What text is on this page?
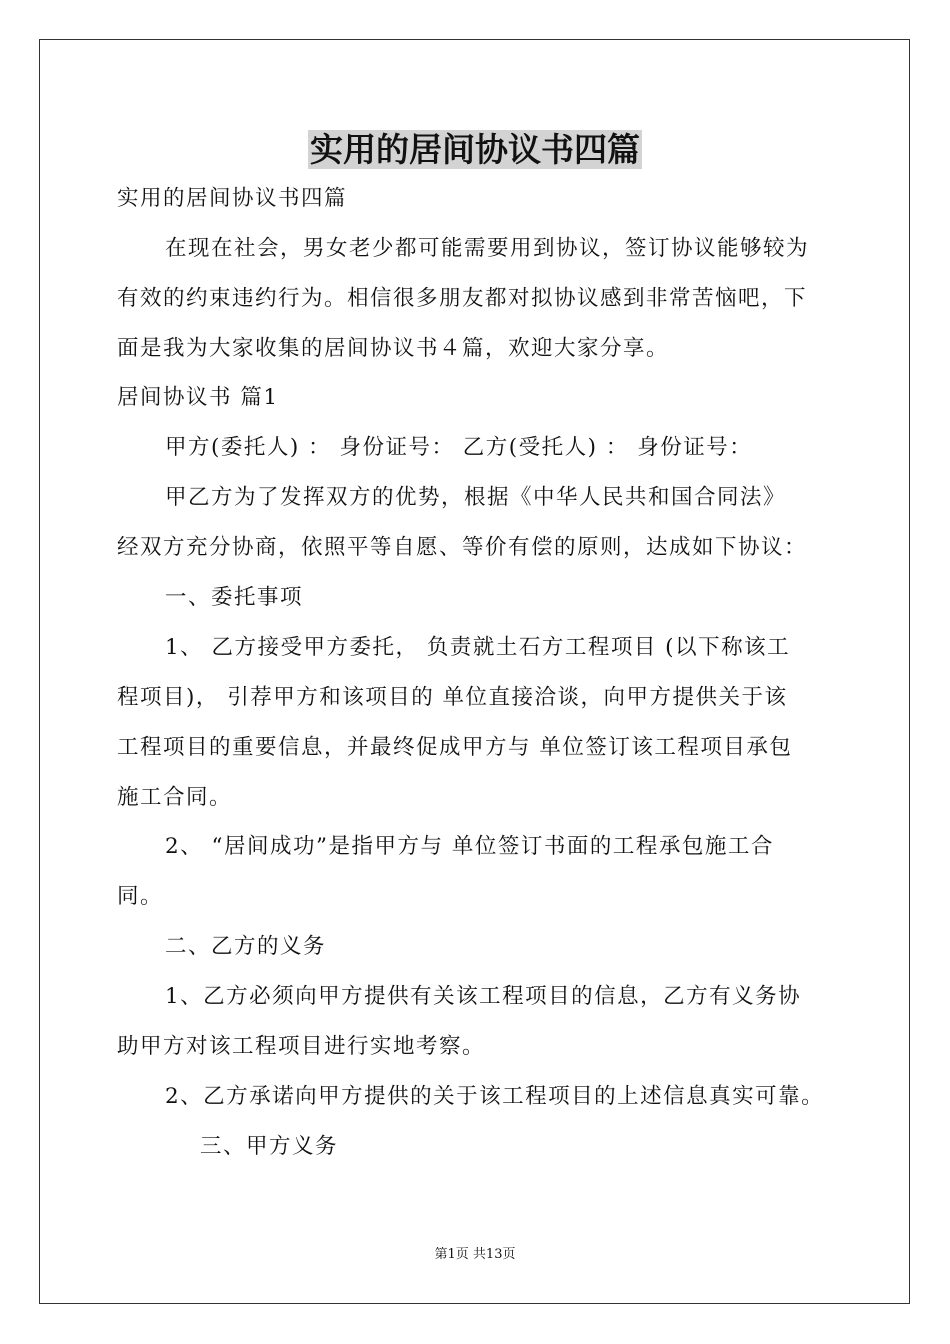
实用的居间协议书四篇
实用的居间协议书四篇
在现在社会，男女老少都可能需要用到协议，签订协议能够较为
有效的约束违约行为。相信很多朋友都对拟协议感到非常苦恼吧，下
面是我为大家收集的居间协议书４篇，欢迎大家分享。
居间协议书 篇1
甲方(委托人) ： 身份证号： 乙方(受托人) ： 身份证号：
甲乙方为了发挥双方的优势，根据《中华人民共和国合同法》
经双方充分协商，依照平等自愿、等价有偿的原则，达成如下协议：
一、委托事项
1、 乙方接受甲方委托， 负责就土石方工程项目 (以下称该工
程项目)， 引荐甲方和该项目的 单位直接洽谈，向甲方提供关于该
工程项目的重要信息，并最终促成甲方与 单位签订该工程项目承包
施工合同。
2、 “居间成功”是指甲方与 单位签订书面的工程承包施工合
同。
二、乙方的义务
1、乙方必须向甲方提供有关该工程项目的信息，乙方有义务协
助甲方对该工程项目进行实地考察。
2、乙方承诺向甲方提供的关于该工程项目的上述信息真实可靠。
三、甲方义务
第1页 共13页
